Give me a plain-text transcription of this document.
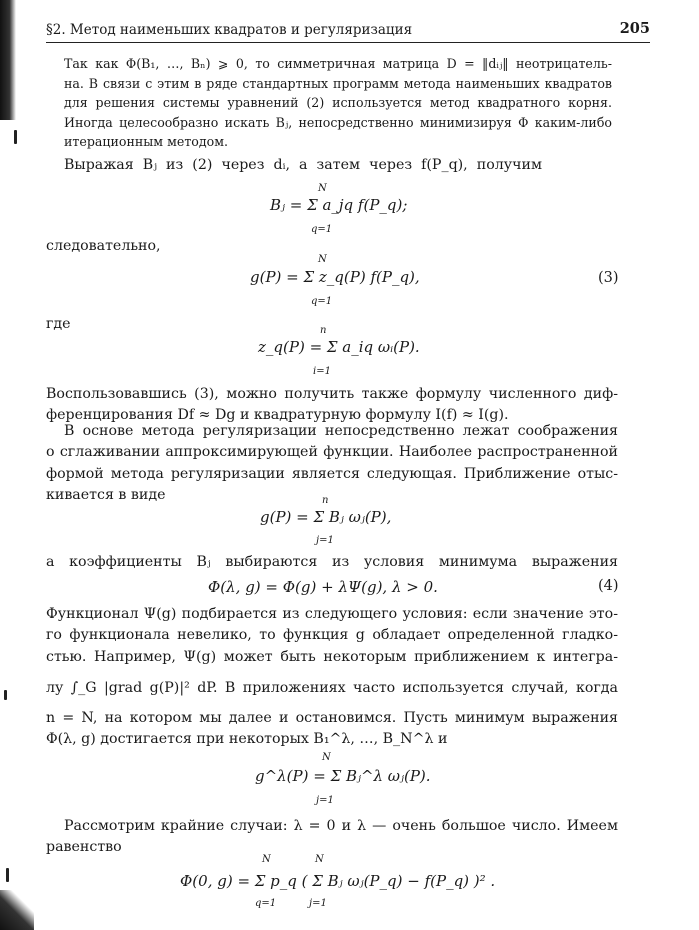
§2. Метод наименьших квадратов и регуляризация	205
Так как Φ(B₁, …, Bₙ) ⩾ 0, то симметричная матрица D = ‖dᵢⱼ‖ неотрицатель-
на. В связи с этим в ряде стандартных программ метода наименьших квадратов
для решения системы уравнений (2) используется метод квадратного корня.
Иногда целесообразно искать Bⱼ, непосредственно минимизируя Φ каким-либо
итерационным методом.
Выражая Bⱼ из (2) через dᵢ, а затем через f(P_q), получим
N
Bⱼ = Σ a_jq f(P_q);
q=1
следовательно,
N
g(P) = Σ z_q(P) f(P_q),
q=1
(3)
где	n
z_q(P) = Σ a_iq ωᵢ(P).
i=1
Воспользовавшись (3), можно получить также формулу численного диф-
ференцирования Df ≈ Dg и квадратурную формулу I(f) ≈ I(g).
В основе метода регуляризации непосредственно лежат соображения
о сглаживании аппроксимирующей функции. Наиболее распространенной
формой метода регуляризации является следующая. Приближение отыс-
кивается в виде	n
g(P) = Σ Bⱼ ωⱼ(P),
j=1
а коэффициенты Bⱼ выбираются из условия минимума выражения
Φ(λ, g) = Φ(g) + λΨ(g), λ > 0.	(4)
Функционал Ψ(g) подбирается из следующего условия: если значение это-
го функционала невелико, то функция g обладает определенной гладко-
стью. Например, Ψ(g) может быть некоторым приближением к интегра-
лу ∫_G |grad g(P)|² dP. В приложениях часто используется случай, когда
n = N, на котором мы далее и остановимся. Пусть минимум выражения
Φ(λ, g) достигается при некоторых B₁^λ, …, B_N^λ и
N
g^λ(P) = Σ Bⱼ^λ ωⱼ(P).
j=1
Рассмотрим крайние случаи: λ = 0 и λ — очень большое число. Имеем
равенство
N	N
Φ(0, g) = Σ p_q ( Σ Bⱼ ωⱼ(P_q) − f(P_q) )² .
q=1	j=1
